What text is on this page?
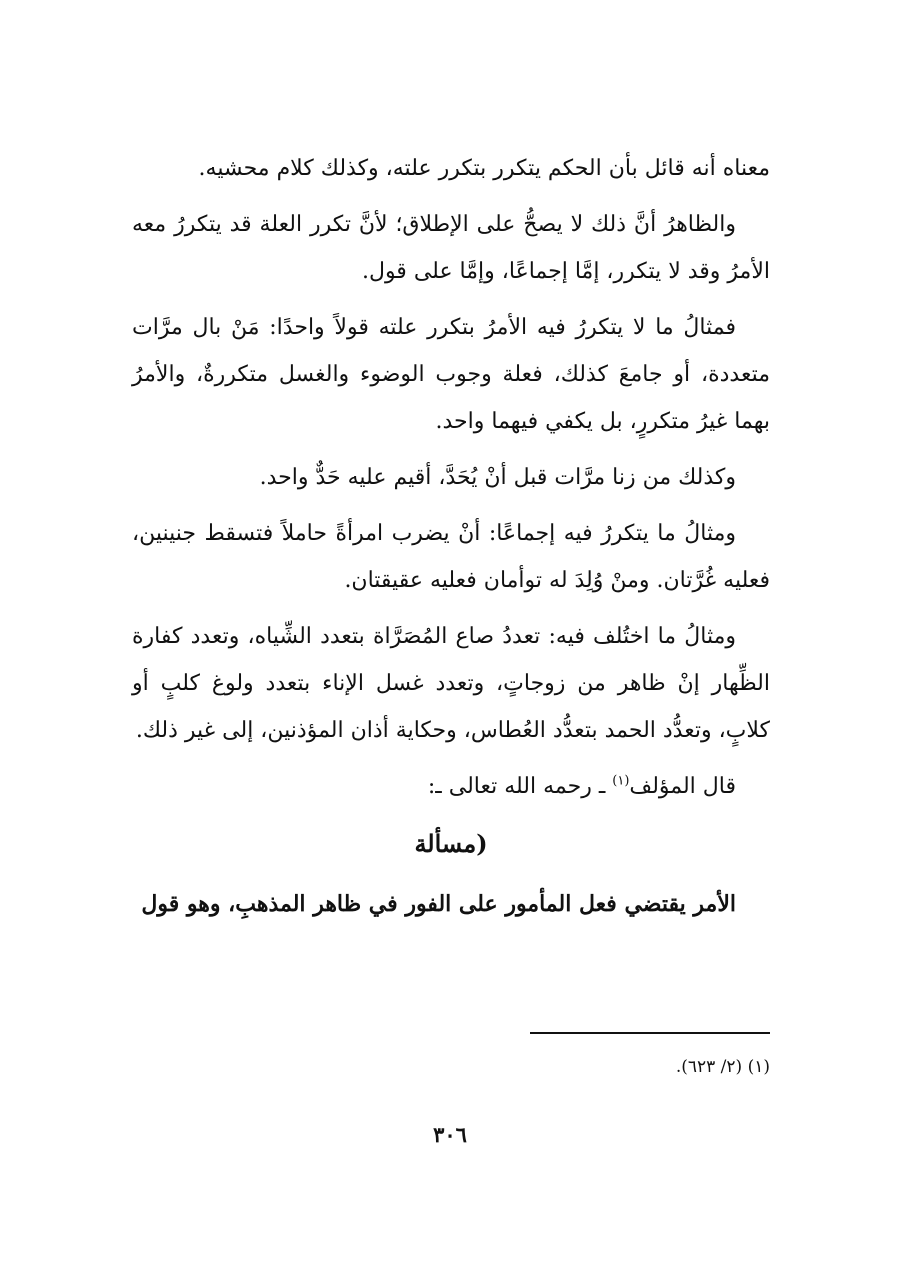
معناه أنه قائل بأن الحكم يتكرر بتكرر علته، وكذلك كلام محشيه.

والظاهرُ أنَّ ذلك لا يصحُّ على الإطلاق؛ لأنَّ تكرر العلة قد يتكررُ معه الأمرُ وقد لا يتكرر، إمَّا إجماعًا، وإمَّا على قول.

فمثالُ ما لا يتكررُ فيه الأمرُ بتكرر علته قولاً واحدًا: مَنْ بال مرَّات متعددة، أو جامعَ كذلك، فعلة وجوب الوضوء والغسل متكررةٌ، والأمرُ بهما غيرُ متكررٍ، بل يكفي فيهما واحد.

وكذلك من زنا مرَّات قبل أنْ يُحَدَّ، أقيم عليه حَدٌّ واحد.

ومثالُ ما يتكررُ فيه إجماعًا: أنْ يضرب امرأةً حاملاً فتسقط جنينين، فعليه غُرَّتان. ومنْ وُلِدَ له توأمان فعليه عقيقتان.

ومثالُ ما اختُلف فيه: تعددُ صاع المُصَرَّاة بتعدد الشِّياه، وتعدد كفارة الظِّهار إنْ ظاهر من زوجاتٍ، وتعدد غسل الإناء بتعدد ولوغ كلبٍ أو كلابٍ، وتعدُّد الحمد بتعدُّد العُطاس، وحكاية أذان المؤذنين، إلى غير ذلك.

قال المؤلف$^{(١)}$ ـ رحمه الله تعالى ـ:

(مسألة

الأمر يقتضي فعل المأمور على الفور في ظاهر المذهبِ، وهو قول

(١) (٢/ ٦٢٣).
٣٠٦
